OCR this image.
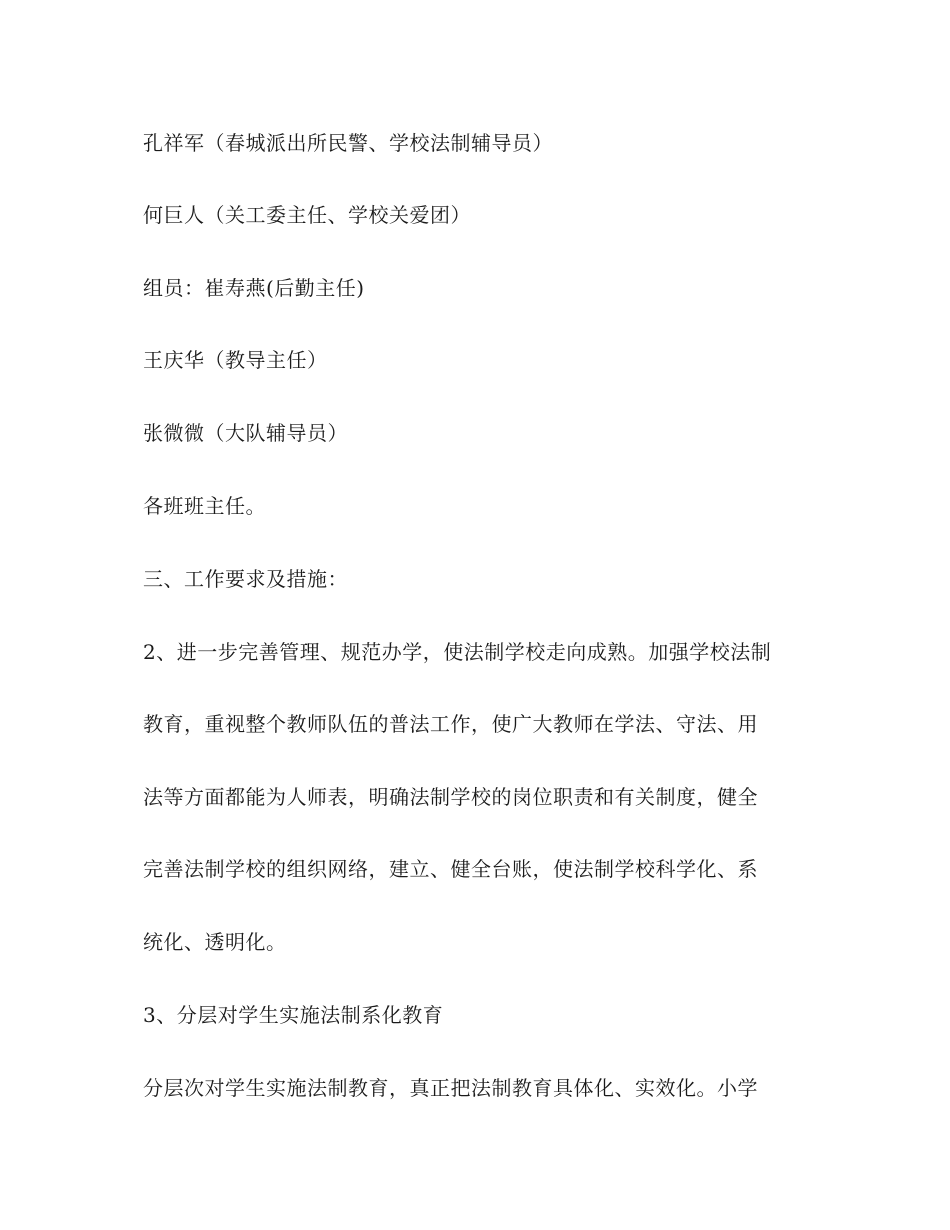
孔祥军（春城派出所民警、学校法制辅导员）
何巨人（关工委主任、学校关爱团）
组员：崔寿燕(后勤主任)
王庆华（教导主任）
张微微（大队辅导员）
各班班主任。
三、工作要求及措施：
2、进一步完善管理、规范办学，使法制学校走向成熟。加强学校法制
教育，重视整个教师队伍的普法工作，使广大教师在学法、守法、用
法等方面都能为人师表，明确法制学校的岗位职责和有关制度，健全
完善法制学校的组织网络，建立、健全台账，使法制学校科学化、系
统化、透明化。
3、分层对学生实施法制系化教育
分层次对学生实施法制教育，真正把法制教育具体化、实效化。小学
